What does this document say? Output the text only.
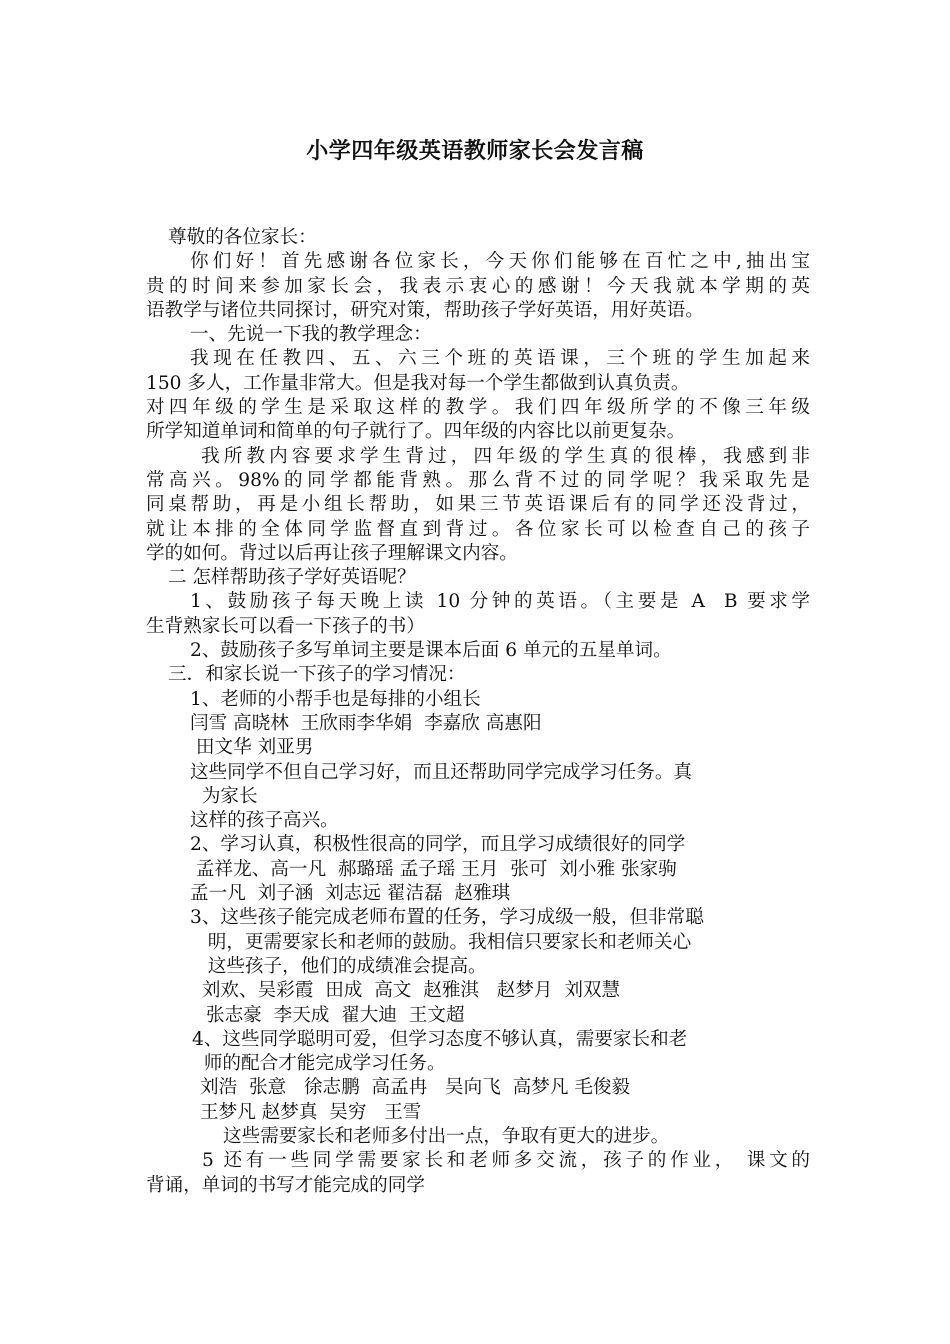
小学四年级英语教师家长会发言稿
尊敬的各位家长：
你们好！首先感谢各位家长，今天你们能够在百忙之中,抽出宝
贵的时间来参加家长会，我表示衷心的感谢！今天我就本学期的英
语教学与诸位共同探讨，研究对策，帮助孩子学好英语，用好英语。
一、先说一下我的教学理念：
我现在任教四、五、六三个班的英语课，三个班的学生加起来
150 多人，工作量非常大。但是我对每一个学生都做到认真负责。
对四年级的学生是采取这样的教学。我们四年级所学的不像三年级
所学知道单词和简单的句子就行了。四年级的内容比以前更复杂。
我所教内容要求学生背过，四年级的学生真的很棒，我感到非
常高兴。98%的同学都能背熟。那么背不过的同学呢？我采取先是
同桌帮助，再是小组长帮助，如果三节英语课后有的同学还没背过，
就让本排的全体同学监督直到背过。各位家长可以检查自己的孩子
学的如何。背过以后再让孩子理解课文内容。
二 怎样帮助孩子学好英语呢？
1、鼓励孩子每天晚上读 10 分钟的英语。（主要是 A  B 要求学
生背熟家长可以看一下孩子的书）
2、鼓励孩子多写单词主要是课本后面 6 单元的五星单词。
三．和家长说一下孩子的学习情况：
1、老师的小帮手也是每排的小组长
闫雪 高晓林  王欣雨李华娟  李嘉欣 高惠阳
田文华 刘亚男
这些同学不但自己学习好，而且还帮助同学完成学习任务。真
为家长
这样的孩子高兴。
2、学习认真，积极性很高的同学，而且学习成绩很好的同学
孟祥龙、高一凡  郝璐瑶 孟子瑶 王月  张可  刘小雅 张家驹
孟一凡  刘子涵  刘志远 翟洁磊  赵雅琪
3、这些孩子能完成老师布置的任务，学习成级一般，但非常聪
明，更需要家长和老师的鼓励。我相信只要家长和老师关心
这些孩子，他们的成绩准会提高。
刘欢、吴彩霞  田成  高文  赵雅淇   赵梦月  刘双慧
张志豪  李天成  翟大迪  王文超
4、这些同学聪明可爱，但学习态度不够认真，需要家长和老
师的配合才能完成学习任务。
刘浩  张意   徐志鹏  高孟冉   吴向飞  高梦凡 毛俊毅
王梦凡 赵梦真  吴穷   王雪
这些需要家长和老师多付出一点，争取有更大的进步。
5 还有一些同学需要家长和老师多交流，孩子的作业， 课文的
背诵，单词的书写才能完成的同学
